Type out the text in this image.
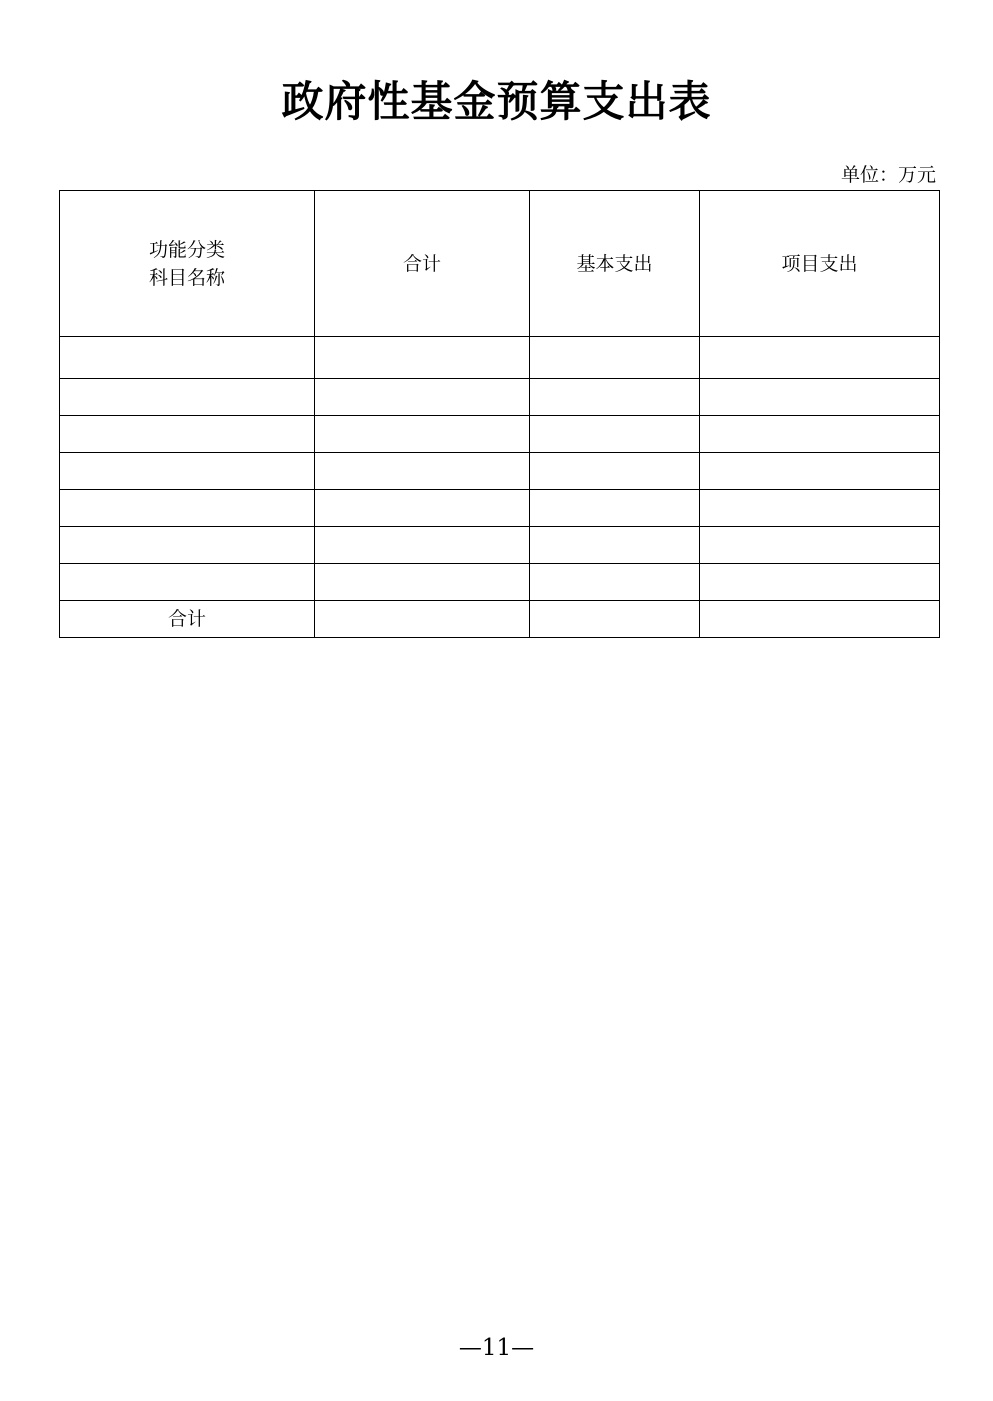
政府性基金预算支出表
单位：万元
功能分类
科目名称	合计	基本支出	项目支出

合计			
—11—
